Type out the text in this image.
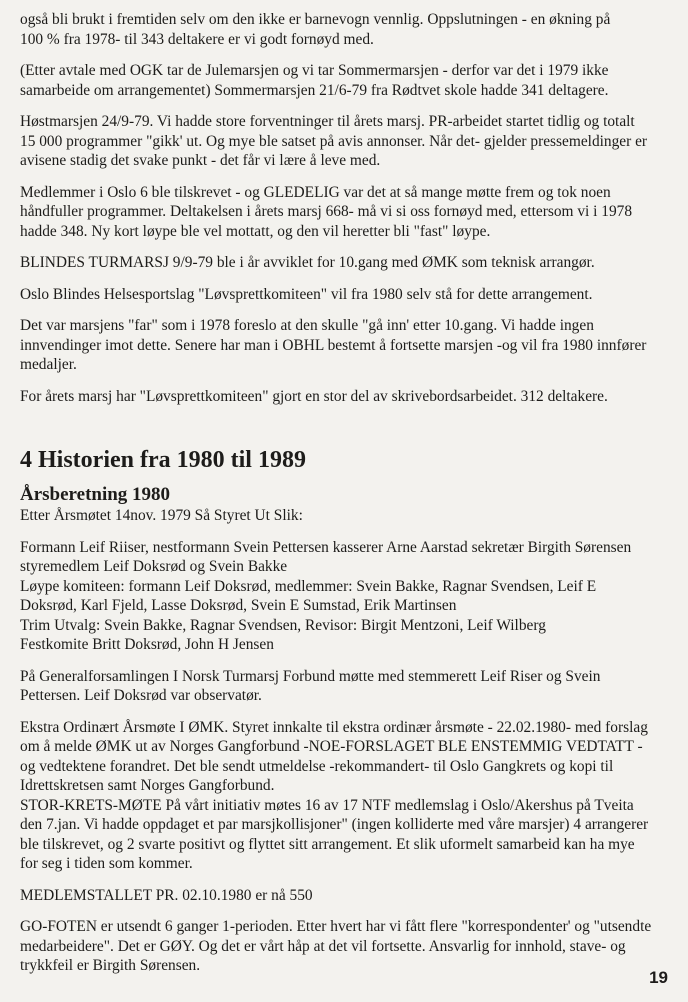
også bli brukt i fremtiden selv om den ikke er barnevogn vennlig. Oppslutningen - en økning på
100 % fra 1978- til 343 deltakere er vi godt fornøyd med.

(Etter avtale med OGK tar de Julemarsjen og vi tar Sommermarsjen - derfor var det i 1979 ikke
samarbeide om arrangementet) Sommermarsjen 21/6-79 fra Rødtvet skole hadde 341 deltagere.

Høstmarsjen 24/9-79. Vi hadde store forventninger til årets marsj. PR-arbeidet startet tidlig og totalt
15 000 programmer "gikk' ut. Og mye ble satset på avis annonser. Når det- gjelder pressemeldinger er
avisene stadig det svake punkt - det får vi lære å leve med.

Medlemmer i Oslo 6 ble tilskrevet - og GLEDELIG var det at så mange møtte frem og tok noen
håndfuller programmer. Deltakelsen i årets marsj 668- må vi si oss fornøyd med, ettersom vi i 1978
hadde 348. Ny kort løype ble vel mottatt, og den vil heretter bli "fast" løype.

BLINDES TURMARSJ 9/9-79 ble i år avviklet for 10.gang med ØMK som teknisk arrangør.

Oslo Blindes Helsesportslag "Løvsprettkomiteen" vil fra 1980 selv stå for dette arrangement.

Det var marsjens "far" som i 1978 foreslo at den skulle "gå inn' etter 10.gang. Vi hadde ingen
innvendinger imot dette. Senere har man i OBHL bestemt å fortsette marsjen -og vil fra 1980 innfører
medaljer.

For årets marsj har "Løvsprettkomiteen" gjort en stor del av skrivebordsarbeidet. 312 deltakere.

4 Historien fra 1980 til 1989
Årsberetning 1980

Etter Årsmøtet 14nov. 1979 Så Styret Ut Slik:

Formann Leif Riiser, nestformann Svein Pettersen kasserer Arne Aarstad sekretær Birgith Sørensen
styremedlem Leif Doksrød og Svein Bakke
Løype komiteen: formann Leif Doksrød, medlemmer: Svein Bakke, Ragnar Svendsen, Leif E
Doksrød, Karl Fjeld, Lasse Doksrød, Svein E Sumstad, Erik Martinsen
Trim Utvalg: Svein Bakke, Ragnar Svendsen, Revisor: Birgit Mentzoni, Leif Wilberg
Festkomite Britt Doksrød, John H Jensen

På Generalforsamlingen I Norsk Turmarsj Forbund møtte med stemmerett Leif Riser og Svein
Pettersen. Leif Doksrød var observatør.

Ekstra Ordinært Årsmøte I ØMK. Styret innkalte til ekstra ordinær årsmøte - 22.02.1980- med forslag
om å melde ØMK ut av Norges Gangforbund -NOE-FORSLAGET BLE ENSTEMMIG VEDTATT -
og vedtektene forandret. Det ble sendt utmeldelse -rekommandert- til Oslo Gangkrets og kopi til
Idrettskretsen samt Norges Gangforbund.
STOR-KRETS-MØTE På vårt initiativ møtes 16 av 17 NTF medlemslag i Oslo/Akershus på Tveita
den 7.jan. Vi hadde oppdaget et par marsjkollisjoner" (ingen kolliderte med våre marsjer) 4 arrangerer
ble tilskrevet, og 2 svarte positivt og flyttet sitt arrangement. Et slik uformelt samarbeid kan ha mye
for seg i tiden som kommer.

MEDLEMSTALLET PR. 02.10.1980 er nå 550

GO-FOTEN er utsendt 6 ganger 1-perioden. Etter hvert har vi fått flere "korrespondenter' og "utsendte
medarbeidere". Det er GØY. Og det er vårt håp at det vil fortsette. Ansvarlig for innhold, stave- og
trykkfeil er Birgith Sørensen.

19
